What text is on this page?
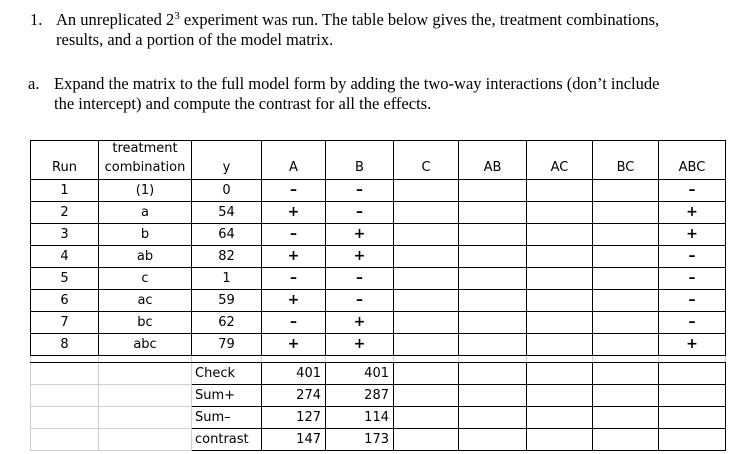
1. An unreplicated $2^3$ experiment was run. The table below gives the, treatment combinations,
results, and a portion of the model matrix.
a. Expand the matrix to the full model form by adding the two-way interactions (don’t include
the intercept) and compute the contrast for all the effects.
	treatment								
Run	combination	y	A	B	C	AB	AC	BC	ABC
1	(1)	0	–	–					–
2	a	54	+	–					+
3	b	64	–	+					+
4	ab	82	+	+					–
5	c	1	–	–					–
6	ac	59	+	–					–
7	bc	62	–	+					–
8	abc	79	+	+					+

		Check	401	401					
		Sum+	274	287					
		Sum–	127	114					
		contrast	147	173					
